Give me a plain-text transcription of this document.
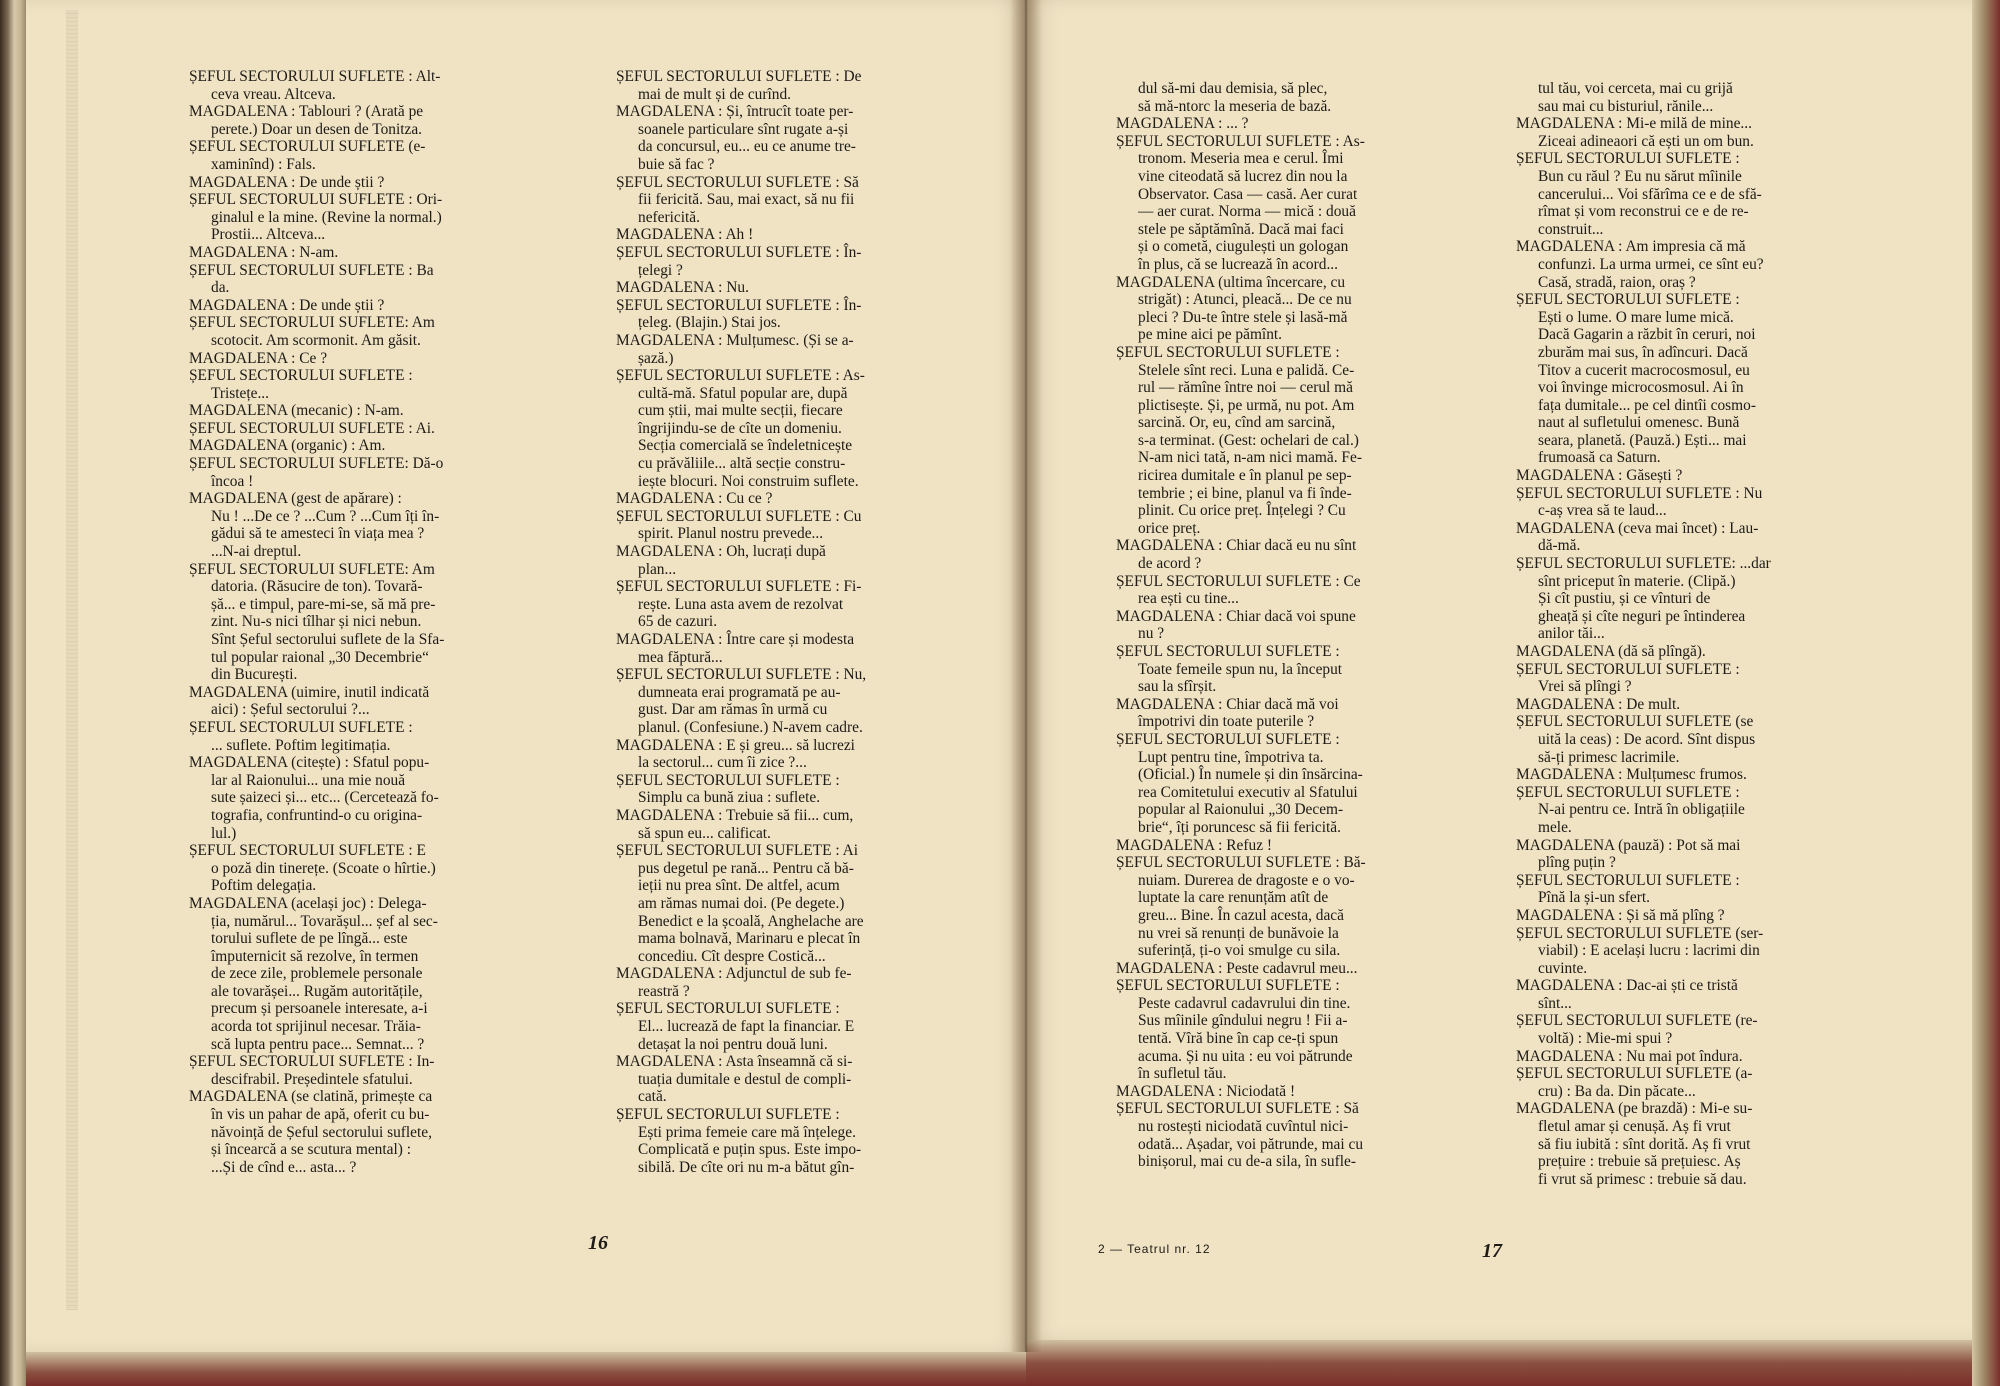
ȘEFUL SECTORULUI SUFLETE : Alt-
ceva vreau. Altceva.
MAGDALENA : Tablouri ? (Arată pe
perete.) Doar un desen de Tonitza.
ȘEFUL SECTORULUI SUFLETE (e-
xaminînd) : Fals.
MAGDALENA : De unde știi ?
ȘEFUL SECTORULUI SUFLETE : Ori-
ginalul e la mine. (Revine la normal.)
Prostii... Altceva...
MAGDALENA : N-am.
ȘEFUL SECTORULUI SUFLETE : Ba
da.
MAGDALENA : De unde știi ?
ȘEFUL SECTORULUI SUFLETE: Am
scotocit. Am scormonit. Am găsit.
MAGDALENA : Ce ?
ȘEFUL SECTORULUI SUFLETE :
Tristețe...
MAGDALENA (mecanic) : N-am.
ȘEFUL SECTORULUI SUFLETE : Ai.
MAGDALENA (organic) : Am.
ȘEFUL SECTORULUI SUFLETE: Dă-o
încoa !
MAGDALENA (gest de apărare) :
Nu ! ...De ce ? ...Cum ? ...Cum îți în-
gădui să te amesteci în viața mea ?
...N-ai dreptul.
ȘEFUL SECTORULUI SUFLETE: Am
datoria. (Răsucire de ton). Tovară-
șă... e timpul, pare-mi-se, să mă pre-
zint. Nu-s nici tîlhar și nici nebun.
Sînt Șeful sectorului suflete de la Sfa-
tul popular raional „30 Decembrie“
din București.
MAGDALENA (uimire, inutil indicată
aici) : Șeful sectorului ?...
ȘEFUL SECTORULUI SUFLETE :
... suflete. Poftim legitimația.
MAGDALENA (citește) : Sfatul popu-
lar al Raionului... una mie nouă
sute șaizeci și... etc... (Cercetează fo-
tografia, confruntind-o cu origina-
lul.)
ȘEFUL SECTORULUI SUFLETE : E
o poză din tinerețe. (Scoate o hîrtie.)
Poftim delegația.
MAGDALENA (același joc) : Delega-
ția, numărul... Tovarășul... șef al sec-
torului suflete de pe lîngă... este
împuternicit să rezolve, în termen
de zece zile, problemele personale
ale tovarășei... Rugăm autoritățile,
precum și persoanele interesate, a-i
acorda tot sprijinul necesar. Trăia-
scă lupta pentru pace... Semnat... ?
ȘEFUL SECTORULUI SUFLETE : In-
descifrabil. Președintele sfatului.
MAGDALENA (se clatină, primește ca
în vis un pahar de apă, oferit cu bu-
năvoință de Șeful sectorului suflete,
și încearcă a se scutura mental) :
...Și de cînd e... asta... ?
ȘEFUL SECTORULUI SUFLETE : De
mai de mult și de curînd.
MAGDALENA : Și, întrucît toate per-
soanele particulare sînt rugate a-și
da concursul, eu... eu ce anume tre-
buie să fac ?
ȘEFUL SECTORULUI SUFLETE : Să
fii fericită. Sau, mai exact, să nu fii
nefericită.
MAGDALENA : Ah !
ȘEFUL SECTORULUI SUFLETE : În-
țelegi ?
MAGDALENA : Nu.
ȘEFUL SECTORULUI SUFLETE : În-
țeleg. (Blajin.) Stai jos.
MAGDALENA : Mulțumesc. (Și se a-
șază.)
ȘEFUL SECTORULUI SUFLETE : As-
cultă-mă. Sfatul popular are, după
cum știi, mai multe secții, fiecare
îngrijindu-se de cîte un domeniu.
Secția comercială se îndeletnicește
cu prăvăliile... altă secție constru-
iește blocuri. Noi construim suflete.
MAGDALENA : Cu ce ?
ȘEFUL SECTORULUI SUFLETE : Cu
spirit. Planul nostru prevede...
MAGDALENA : Oh, lucrați după
plan...
ȘEFUL SECTORULUI SUFLETE : Fi-
rește. Luna asta avem de rezolvat
65 de cazuri.
MAGDALENA : Între care și modesta
mea făptură...
ȘEFUL SECTORULUI SUFLETE : Nu,
dumneata erai programată pe au-
gust. Dar am rămas în urmă cu
planul. (Confesiune.) N-avem cadre.
MAGDALENA : E și greu... să lucrezi
la sectorul... cum îi zice ?...
ȘEFUL SECTORULUI SUFLETE :
Simplu ca bună ziua : suflete.
MAGDALENA : Trebuie să fii... cum,
să spun eu... calificat.
ȘEFUL SECTORULUI SUFLETE : Ai
pus degetul pe rană... Pentru că bă-
ieții nu prea sînt. De altfel, acum
am rămas numai doi. (Pe degete.)
Benedict e la școală, Anghelache are
mama bolnavă, Marinaru e plecat în
concediu. Cît despre Costică...
MAGDALENA : Adjunctul de sub fe-
reastră ?
ȘEFUL SECTORULUI SUFLETE :
El... lucrează de fapt la financiar. E
detașat la noi pentru două luni.
MAGDALENA : Asta înseamnă că si-
tuația dumitale e destul de compli-
cată.
ȘEFUL SECTORULUI SUFLETE :
Ești prima femeie care mă înțelege.
Complicată e puțin spus. Este impo-
sibilă. De cîte ori nu m-a bătut gîn-
16
dul să-mi dau demisia, să plec,
să mă-ntorc la meseria de bază.
MAGDALENA : ... ?
ȘEFUL SECTORULUI SUFLETE : As-
tronom. Meseria mea e cerul. Îmi
vine citeodată să lucrez din nou la
Observator. Casa — casă. Aer curat
— aer curat. Norma — mică : două
stele pe săptămînă. Dacă mai faci
și o cometă, ciugulești un gologan
în plus, că se lucrează în acord...
MAGDALENA (ultima încercare, cu
strigăt) : Atunci, pleacă... De ce nu
pleci ? Du-te între stele și lasă-mă
pe mine aici pe pămînt.
ȘEFUL SECTORULUI SUFLETE :
Stelele sînt reci. Luna e palidă. Ce-
rul — rămîne între noi — cerul mă
plictisește. Și, pe urmă, nu pot. Am
sarcină. Or, eu, cînd am sarcină,
s-a terminat. (Gest: ochelari de cal.)
N-am nici tată, n-am nici mamă. Fe-
ricirea dumitale e în planul pe sep-
tembrie ; ei bine, planul va fi înde-
plinit. Cu orice preț. Înțelegi ? Cu
orice preț.
MAGDALENA : Chiar dacă eu nu sînt
de acord ?
ȘEFUL SECTORULUI SUFLETE : Ce
rea ești cu tine...
MAGDALENA : Chiar dacă voi spune
nu ?
ȘEFUL SECTORULUI SUFLETE :
Toate femeile spun nu, la început
sau la sfîrșit.
MAGDALENA : Chiar dacă mă voi
împotrivi din toate puterile ?
ȘEFUL SECTORULUI SUFLETE :
Lupt pentru tine, împotriva ta.
(Oficial.) În numele și din însărcina-
rea Comitetului executiv al Sfatului
popular al Raionului „30 Decem-
brie“, îți poruncesc să fii fericită.
MAGDALENA : Refuz !
ȘEFUL SECTORULUI SUFLETE : Bă-
nuiam. Durerea de dragoste e o vo-
luptate la care renunțăm atît de
greu... Bine. În cazul acesta, dacă
nu vrei să renunți de bunăvoie la
suferință, ți-o voi smulge cu sila.
MAGDALENA : Peste cadavrul meu...
ȘEFUL SECTORULUI SUFLETE :
Peste cadavrul cadavrului din tine.
Sus mîinile gîndului negru ! Fii a-
tentă. Vîră bine în cap ce-ți spun
acuma. Și nu uita : eu voi pătrunde
în sufletul tău.
MAGDALENA : Niciodată !
ȘEFUL SECTORULUI SUFLETE : Să
nu rostești niciodată cuvîntul nici-
odată... Așadar, voi pătrunde, mai cu
binișorul, mai cu de-a sila, în sufle-
tul tău, voi cerceta, mai cu grijă
sau mai cu bisturiul, rănile...
MAGDALENA : Mi-e milă de mine...
Ziceai adineaori că ești un om bun.
ȘEFUL SECTORULUI SUFLETE :
Bun cu răul ? Eu nu sărut mîinile
cancerului... Voi sfărîma ce e de sfă-
rîmat și vom reconstrui ce e de re-
construit...
MAGDALENA : Am impresia că mă
confunzi. La urma urmei, ce sînt eu?
Casă, stradă, raion, oraș ?
ȘEFUL SECTORULUI SUFLETE :
Ești o lume. O mare lume mică.
Dacă Gagarin a răzbit în ceruri, noi
zburăm mai sus, în adîncuri. Dacă
Titov a cucerit macrocosmosul, eu
voi învinge microcosmosul. Ai în
fața dumitale... pe cel dintîi cosmo-
naut al sufletului omenesc. Bună
seara, planetă. (Pauză.) Ești... mai
frumoasă ca Saturn.
MAGDALENA : Găsești ?
ȘEFUL SECTORULUI SUFLETE : Nu
c-aș vrea să te laud...
MAGDALENA (ceva mai încet) : Lau-
dă-mă.
ȘEFUL SECTORULUI SUFLETE: ...dar
sînt priceput în materie. (Clipă.)
Și cît pustiu, și ce vînturi de
gheață și cîte neguri pe întinderea
anilor tăi...
MAGDALENA (dă să plîngă).
ȘEFUL SECTORULUI SUFLETE :
Vrei să plîngi ?
MAGDALENA : De mult.
ȘEFUL SECTORULUI SUFLETE (se
uită la ceas) : De acord. Sînt dispus
să-ți primesc lacrimile.
MAGDALENA : Mulțumesc frumos.
ȘEFUL SECTORULUI SUFLETE :
N-ai pentru ce. Intră în obligațiile
mele.
MAGDALENA (pauză) : Pot să mai
plîng puțin ?
ȘEFUL SECTORULUI SUFLETE :
Pînă la și-un sfert.
MAGDALENA : Și să mă plîng ?
ȘEFUL SECTORULUI SUFLETE (ser-
viabil) : E același lucru : lacrimi din
cuvinte.
MAGDALENA : Dac-ai ști ce tristă
sînt...
ȘEFUL SECTORULUI SUFLETE (re-
voltă) : Mie-mi spui ?
MAGDALENA : Nu mai pot îndura.
ȘEFUL SECTORULUI SUFLETE (a-
cru) : Ba da. Din păcate...
MAGDALENA (pe brazdă) : Mi-e su-
fletul amar și cenușă. Aș fi vrut
să fiu iubită : sînt dorită. Aș fi vrut
prețuire : trebuie să prețuiesc. Aș
fi vrut să primesc : trebuie să dau.
2 — Teatrul nr. 12	17
